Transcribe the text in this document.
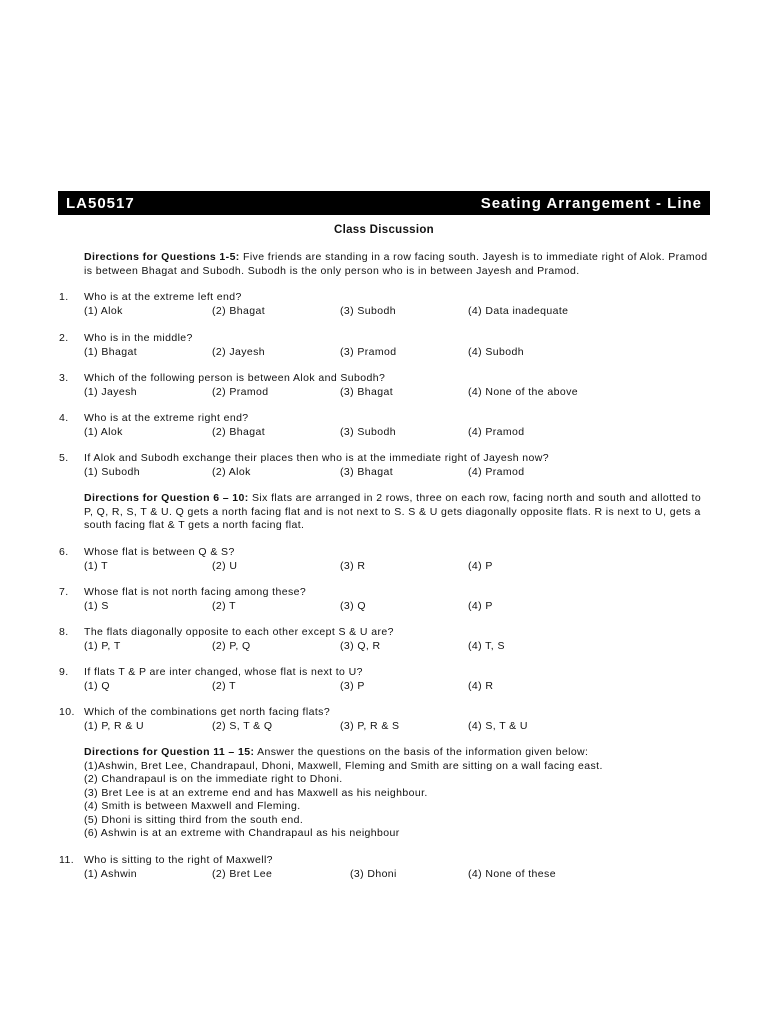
LA50517	Seating Arrangement - Line
Class Discussion
Directions for Questions 1-5: Five friends are standing in a row facing south. Jayesh is to immediate right of Alok. Pramod is between Bhagat and Subodh. Subodh is the only person who is in between Jayesh and Pramod.
1. Who is at the extreme left end?
(1) Alok	(2) Bhagat	(3) Subodh	(4) Data inadequate
2. Who is in the middle?
(1) Bhagat	(2) Jayesh	(3) Pramod	(4) Subodh
3. Which of the following person is between Alok and Subodh?
(1) Jayesh	(2) Pramod	(3) Bhagat	(4) None of the above
4. Who is at the extreme right end?
(1) Alok	(2) Bhagat	(3) Subodh	(4) Pramod
5. If Alok and Subodh exchange their places then who is at the immediate right of Jayesh now?
(1) Subodh	(2) Alok	(3) Bhagat	(4) Pramod
Directions for Question 6 – 10: Six flats are arranged in 2 rows, three on each row, facing north and south and allotted to P, Q, R, S, T & U. Q gets a north facing flat and is not next to S. S & U gets diagonally opposite flats. R is next to U, gets a south facing flat & T gets a north facing flat.
6. Whose flat is between Q & S?
(1) T	(2) U	(3) R	(4) P
7. Whose flat is not north facing among these?
(1) S	(2) T	(3) Q	(4) P
8. The flats diagonally opposite to each other except S & U are?
(1) P, T	(2) P, Q	(3) Q, R	(4) T, S
9. If flats T & P are inter changed, whose flat is next to U?
(1) Q	(2) T	(3) P	(4) R
10. Which of the combinations get north facing flats?
(1) P, R & U	(2) S, T & Q	(3) P, R & S	(4) S, T & U
Directions for Question 11 – 15: Answer the questions on the basis of the information given below:
(1)Ashwin, Bret Lee, Chandrapaul, Dhoni, Maxwell, Fleming and Smith are sitting on a wall facing east.
(2) Chandrapaul is on the immediate right to Dhoni.
(3) Bret Lee is at an extreme end and has Maxwell as his neighbour.
(4) Smith is between Maxwell and Fleming.
(5) Dhoni is sitting third from the south end.
(6) Ashwin is at an extreme with Chandrapaul as his neighbour
11. Who is sitting to the right of Maxwell?
(1) Ashwin	(2) Bret Lee	(3) Dhoni	(4) None of these
